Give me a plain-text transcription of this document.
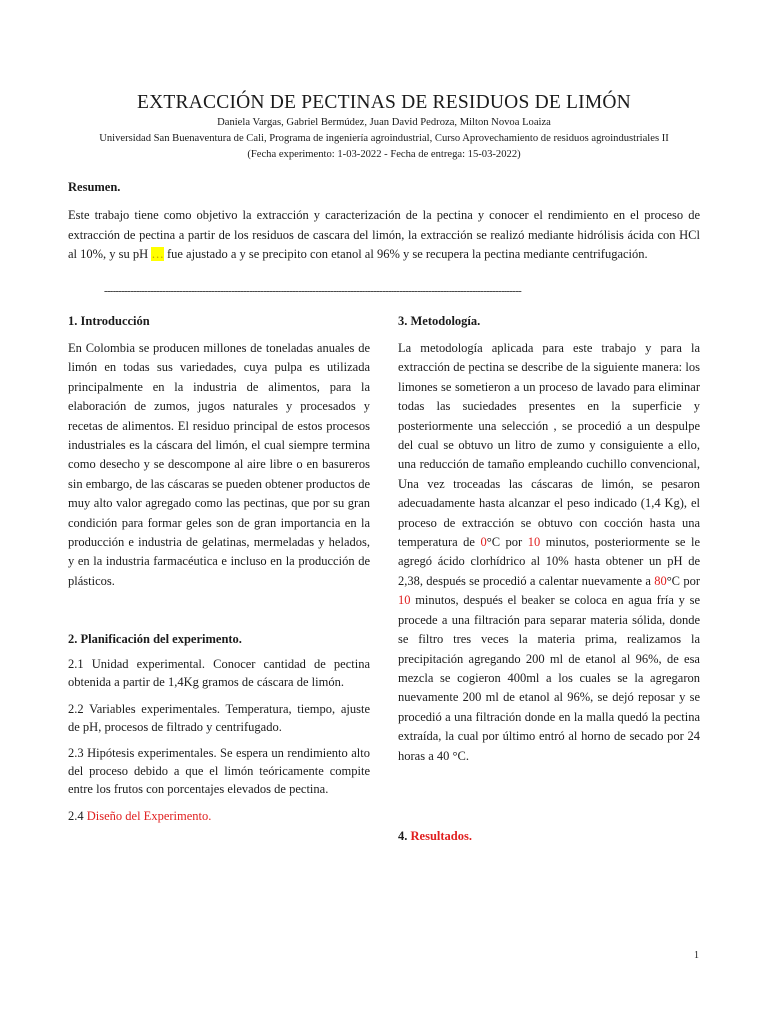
EXTRACCIÓN DE PECTINAS DE RESIDUOS DE LIMÓN
Daniela Vargas, Gabriel Bermúdez, Juan David Pedroza, Milton Novoa Loaiza
Universidad San Buenaventura de Cali, Programa de ingeniería agroindustrial, Curso Aprovechamiento de residuos agroindustriales II
(Fecha experimento: 1-03-2022 - Fecha de entrega: 15-03-2022)
Resumen.

Este trabajo tiene como objetivo la extracción y caracterización de la pectina y conocer el rendimiento en el proceso de extracción de pectina a partir de los residuos de cascara del limón, la extracción se realizó mediante hidrólisis ácida con HCl al 10%, y su pH … fue ajustado a y se precipito con etanol al 96% y se recupera la pectina mediante centrifugación.

------------------------------------------------------------------------------------------------------------------------------------------------

1. Introducción

En Colombia se producen millones de toneladas anuales de limón en todas sus variedades, cuya pulpa es utilizada principalmente en la industria de alimentos, para la elaboración de zumos, jugos naturales y procesados y recetas de alimentos. El residuo principal de estos procesos industriales es la cáscara del limón, el cual siempre termina como desecho y se descompone al aire libre o en basureros sin embargo, de las cáscaras se pueden obtener productos de muy alto valor agregado como las pectinas, que por su gran condición para formar geles son de gran importancia en la producción e industria de gelatinas, mermeladas y helados, y en la industria farmacéutica e incluso en la producción de plásticos.

2. Planificación del experimento.

2.1 Unidad experimental. Conocer cantidad de pectina obtenida a partir de 1,4Kg gramos de cáscara de limón.

2.2 Variables experimentales. Temperatura, tiempo, ajuste de pH, procesos de filtrado y centrifugado.

2.3 Hipótesis experimentales. Se espera un rendimiento alto del proceso debido a que el limón teóricamente compite entre los frutos con porcentajes elevados de pectina.

2.4 Diseño del Experimento.

3. Metodología.

La metodología aplicada para este trabajo y para la extracción de pectina se describe de la siguiente manera: los limones se sometieron a un proceso de lavado para eliminar todas las suciedades presentes en la superficie y posteriormente una selección , se procedió a un despulpe del cual se obtuvo un litro de zumo y consiguiente a ello, una reducción de tamaño empleando cuchillo convencional, Una vez troceadas las cáscaras de limón, se pesaron adecuadamente hasta alcanzar el peso indicado (1,4 Kg), el proceso de extracción se obtuvo con cocción hasta una temperatura de 0°C por 10 minutos, posteriormente se le agregó ácido clorhídrico al 10% hasta obtener un pH de 2,38, después se procedió a calentar nuevamente a 80°C por 10 minutos, después el beaker se coloca en agua fría y se procede a una filtración para separar materia sólida, donde se filtro tres veces la materia prima, realizamos la precipitación agregando 200 ml de etanol al 96%, de esa mezcla se cogieron 400ml a los cuales se la agregaron nuevamente 200 ml de etanol al 96%, se dejó reposar y se procedió a una filtración donde en la malla quedó la pectina extraída, la cual por último entró al horno de secado por 24 horas a 40 °C.

4. Resultados.

1
